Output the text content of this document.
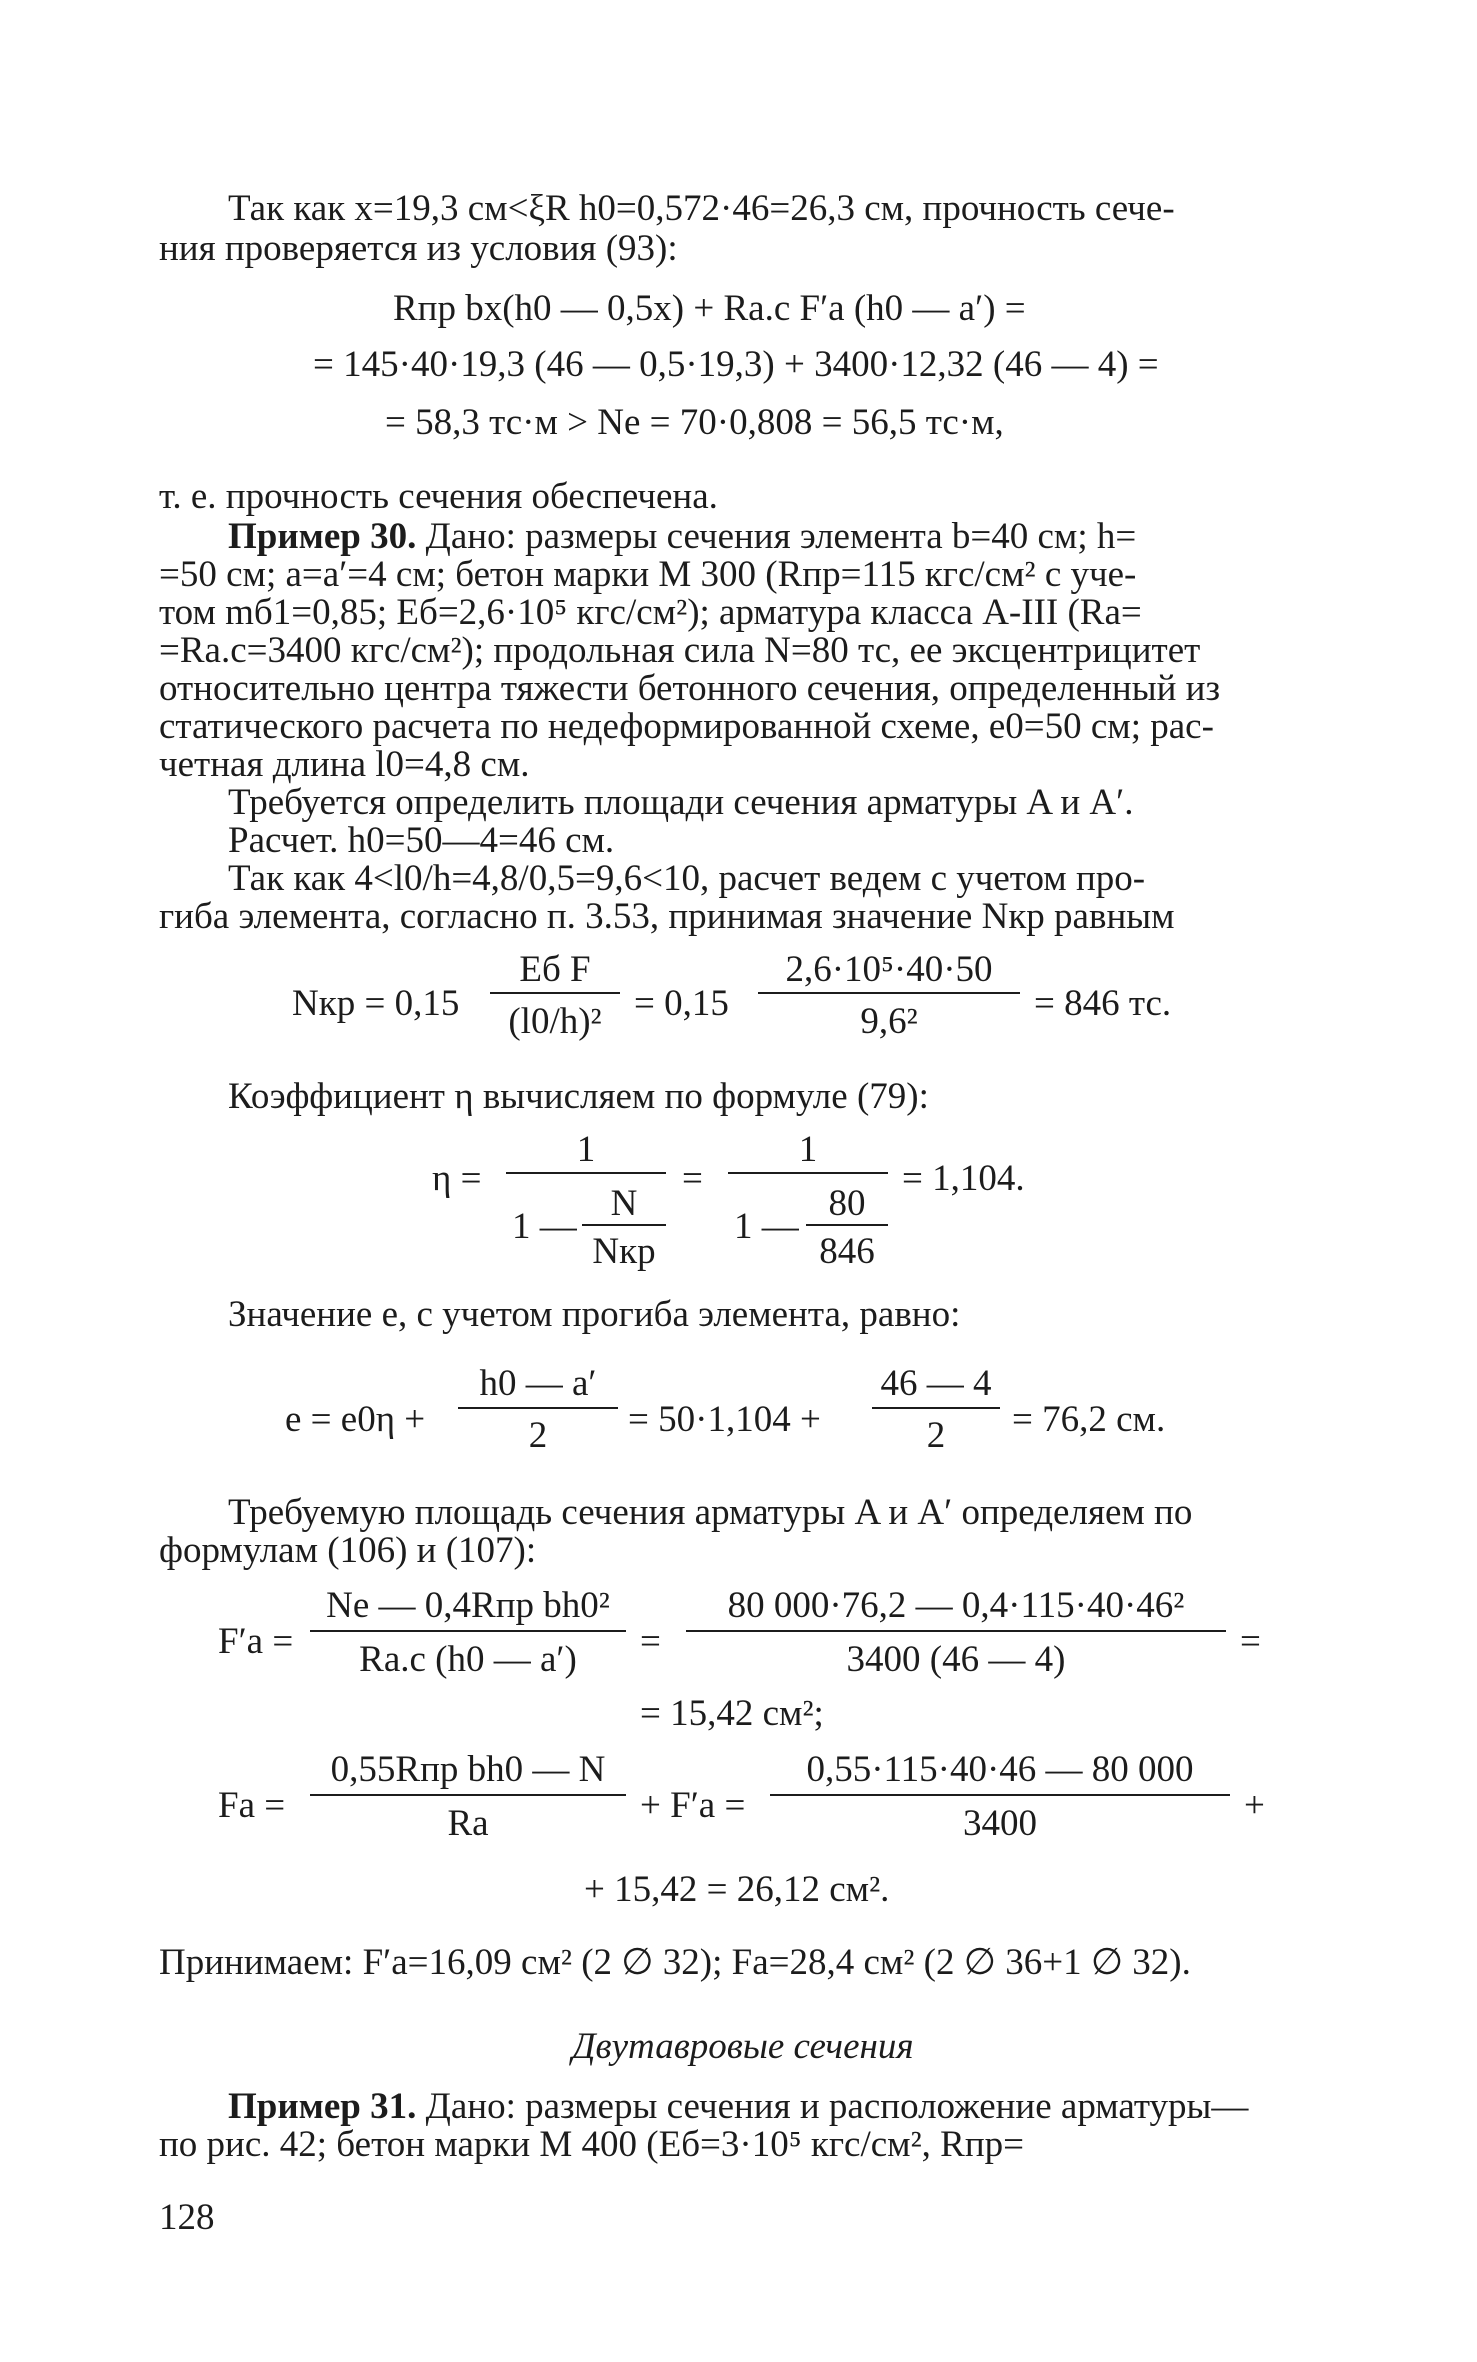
Так как x=19,3 см<ξR h0=0,572·46=26,3 см, прочность сече-
ния проверяется из условия (93):
Rпр bx(h0 — 0,5x) + Rа.с F′а (h0 — a′) =
= 145·40·19,3 (46 — 0,5·19,3) + 3400·12,32 (46 — 4) =
= 58,3 тс·м > Ne = 70·0,808 = 56,5 тс·м,
т. е. прочность сечения обеспечена.
Пример 30. Дано: размеры сечения элемента b=40 см; h=
=50 см; a=a′=4 см; бетон марки М 300 (Rпр=115 кгс/см² с уче-
том mб1=0,85; Eб=2,6·10⁵ кгс/см²); арматура класса А-III (Rа=
=Rа.с=3400 кгс/см²); продольная сила N=80 тс, ее эксцентрицитет
относительно центра тяжести бетонного сечения, определенный из
статического расчета по недеформированной схеме, e0=50 см; рас-
четная длина l0=4,8 см.
Требуется определить площади сечения арматуры A и A′.
Расчет. h0=50—4=46 см.
Так как 4<l0/h=4,8/0,5=9,6<10, расчет ведем с учетом про-
гиба элемента, согласно п. 3.53, принимая значение Nкр равным
Nкр = 0,15
Eб F
(l0/h)² = 0,15
2,6·10⁵·40·50
9,6²	= 846 тс.
Коэффициент η вычисляем по формуле (79):
η =
1
1 —
N
Nкр
=
1
1 —
80
846
= 1,104.
Значение e, с учетом прогиба элемента, равно:
e = e0η +
h0 — a′
2	= 50·1,104 +
46 — 4
2	= 76,2 см.
Требуемую площадь сечения арматуры A и A′ определяем по
формулам (106) и (107):
F′а =
Ne — 0,4Rпр bh0²
Rа.с (h0 — a′)	=
80 000·76,2 — 0,4·115·40·46²
3400 (46 — 4)	=
= 15,42 см²;
Fа =
0,55Rпр bh0 — N
Rа	+ F′а =
0,55·115·40·46 — 80 000
3400	+
+ 15,42 = 26,12 см².
Принимаем: F′а=16,09 см² (2 ∅ 32); Fа=28,4 см² (2 ∅ 36+1 ∅ 32).
Двутавровые сечения
Пример 31. Дано: размеры сечения и расположение арматуры—
по рис. 42; бетон марки М 400 (Eб=3·10⁵ кгс/см², Rпр=
128
